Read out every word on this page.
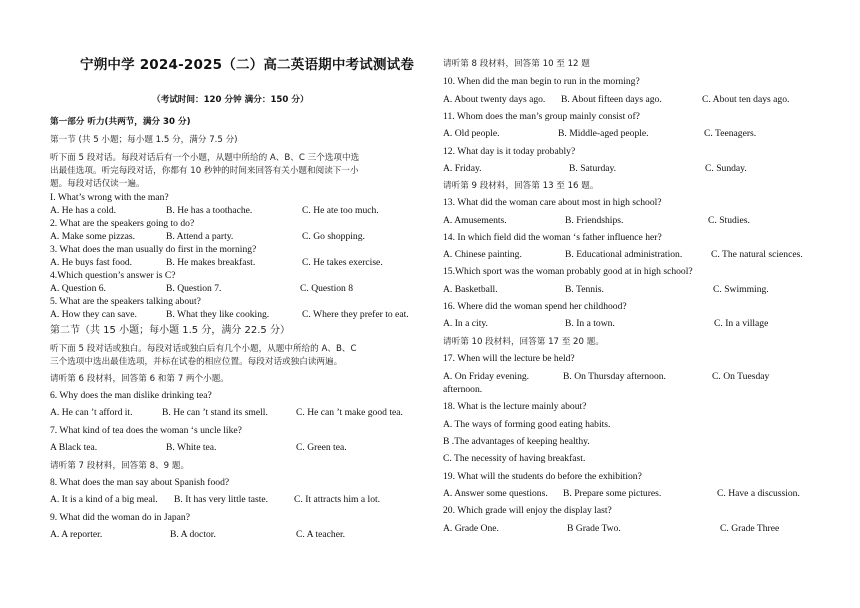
宁朔中学 2024-2025（二）高二英语期中考试测试卷
（考试时间：120 分钟 满分：150 分）
第一部分 听力(共两节，满分 30 分)
第一节 (共 5 小题；每小题 1.5 分，满分 7.5 分)
听下面 5 段对话。每段对话后有一个小题，从题中所给的 A、B、C 三个选项中选
出最佳选项。听完每段对话，你都有 10 秒钟的时间来回答有关小题和阅读下一小
题。每段对话仅读一遍。
I. What’s wrong with the man?
A. He has a cold.	B. He has a toothache.	C. He ate too much.
2. What are the speakers going to do?
A. Make some pizzas.	B. Attend a party.	C. Go shopping.
3. What does the man usually do first in the morning?
A. He buys fast food.	B. He makes breakfast.	C. He takes exercise.
4.Which question’s answer is C?
A. Question 6.	B. Question 7.	C. Question 8
5. What are the speakers talking about?
A. How they can save.	B. What they like cooking.	C. Where they prefer to eat.
第二节（共 15 小题；每小题 1.5 分，满分 22.5 分）
听下面 5 段对话或独白。每段对话或独白后有几个小题，从题中所给的 A、B、C
三个选项中选出最佳选项，并标在试卷的相应位置。每段对话或独白读两遍。
请听第 6 段材料，回答第 6 和第 7 两个小题。
6. Why does the man dislike drinking tea?
A. He can ’t afford it.	B. He can ’t stand its smell.	C. He can ’t make good tea.
7. What kind of tea does the woman ‘s uncle like?
A Black tea.	B. White tea.	C. Green tea.
请听第 7 段材料，回答第 8、9 题。
8. What does the man say about Spanish food?
A. It is a kind of a big meal. B. It has very little taste.	C. It attracts him a lot.
9. What did the woman do in Japan?
A. A reporter.	B. A doctor.	C. A teacher.
请听第 8 段材料，回答第 10 至 12 题
10. When did the man begin to run in the morning?
A. About twenty days ago. B. About fifteen days ago.	C. About ten days ago.
11. Whom does the man’s group mainly consist of?
A. Old people.	B. Middle-aged people.	C. Teenagers.
12. What day is it today probably?
A. Friday.	B. Saturday.	C. Sunday.
请听第 9 段材料，回答第 13 至 16 题。
13. What did the woman care about most in high school?
A. Amusements.	B. Friendships.	C. Studies.
14. In which field did the woman ‘s father influence her?
A. Chinese painting.	B. Educational administration.	C. The natural sciences.
15.Which sport was the woman probably good at in high school?
A. Basketball.	B. Tennis.	C. Swimming.
16. Where did the woman spend her childhood?
A. In a city.	B. In a town.	C. In a village
请听第 10 段材料，回答第 17 至 20 题。
17. When will the lecture be held?
A. On Friday evening.	B. On Thursday afternoon.	C. On Tuesday
afternoon.
18. What is the lecture mainly about?
A. The ways of forming good eating habits.
B .The advantages of keeping healthy.
C. The necessity of having breakfast.
19. What will the students do before the exhibition?
A. Answer some questions. B. Prepare some pictures.	C. Have a discussion.
20. Which grade will enjoy the display last?
A. Grade One.	B Grade Two.	C. Grade Three
